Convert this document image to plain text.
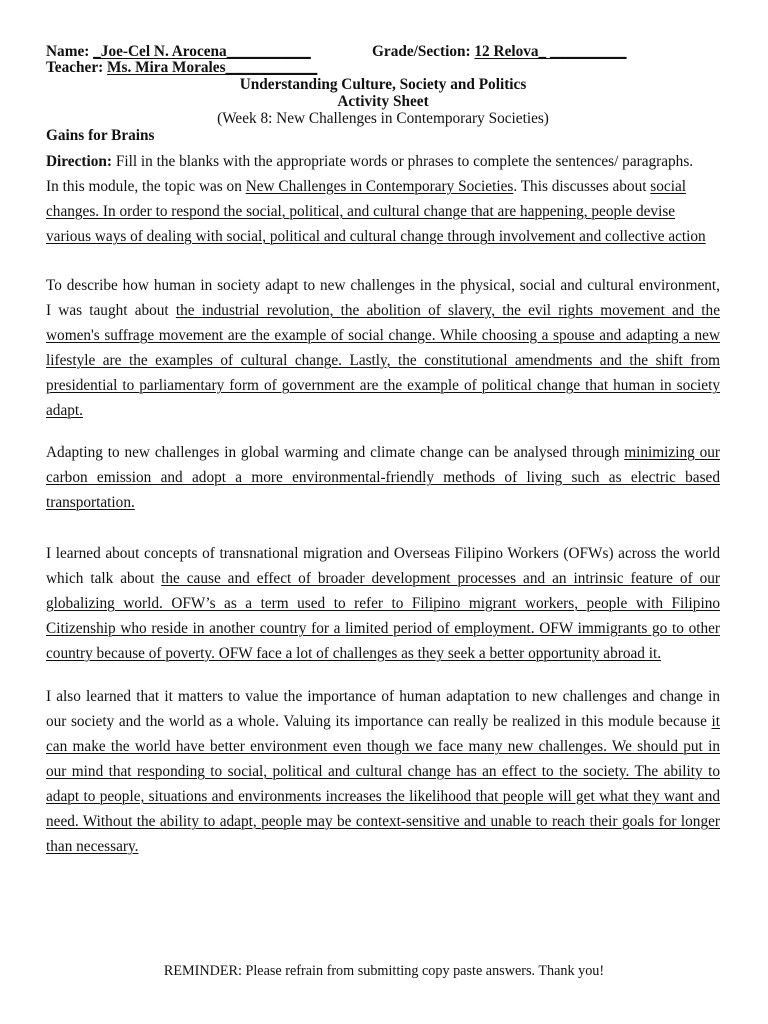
Name: _Joe-Cel N. Arocena___________	Grade/Section: 12 Relova_ __________
Teacher: Ms. Mira Morales____________
Understanding Culture, Society and Politics
Activity Sheet
(Week 8: New Challenges in Contemporary Societies)
Gains for Brains
Direction: Fill in the blanks with the appropriate words or phrases to complete the sentences/ paragraphs.
In this module, the topic was on New Challenges in Contemporary Societies. This discusses about social
changes. In order to respond the social, political, and cultural change that are happening, people devise
various ways of dealing with social, political and cultural change through involvement and collective action
To describe how human in society adapt to new challenges in the physical, social and cultural environment,
I was taught about the industrial revolution, the abolition of slavery, the evil rights movement and the
women's suffrage movement are the example of social change. While choosing a spouse and adapting a new
lifestyle are the examples of cultural change. Lastly, the constitutional amendments and the shift from
presidential to parliamentary form of government are the example of political change that human in society
adapt.
Adapting to new challenges in global warming and climate change can be analysed through minimizing our
carbon emission and adopt a more environmental-friendly methods of living such as electric based
transportation.
I learned about concepts of transnational migration and Overseas Filipino Workers (OFWs) across the world
which talk about the cause and effect of broader development processes and an intrinsic feature of our
globalizing world. OFW’s as a term used to refer to Filipino migrant workers, people with Filipino
Citizenship who reside in another country for a limited period of employment. OFW immigrants go to other
country because of poverty. OFW face a lot of challenges as they seek a better opportunity abroad it.
I also learned that it matters to value the importance of human adaptation to new challenges and change in
our society and the world as a whole. Valuing its importance can really be realized in this module because it
can make the world have better environment even though we face many new challenges. We should put in
our mind that responding to social, political and cultural change has an effect to the society. The ability to
adapt to people, situations and environments increases the likelihood that people will get what they want and
need. Without the ability to adapt, people may be context-sensitive and unable to reach their goals for longer
than necessary.
REMINDER: Please refrain from submitting copy paste answers. Thank you!
